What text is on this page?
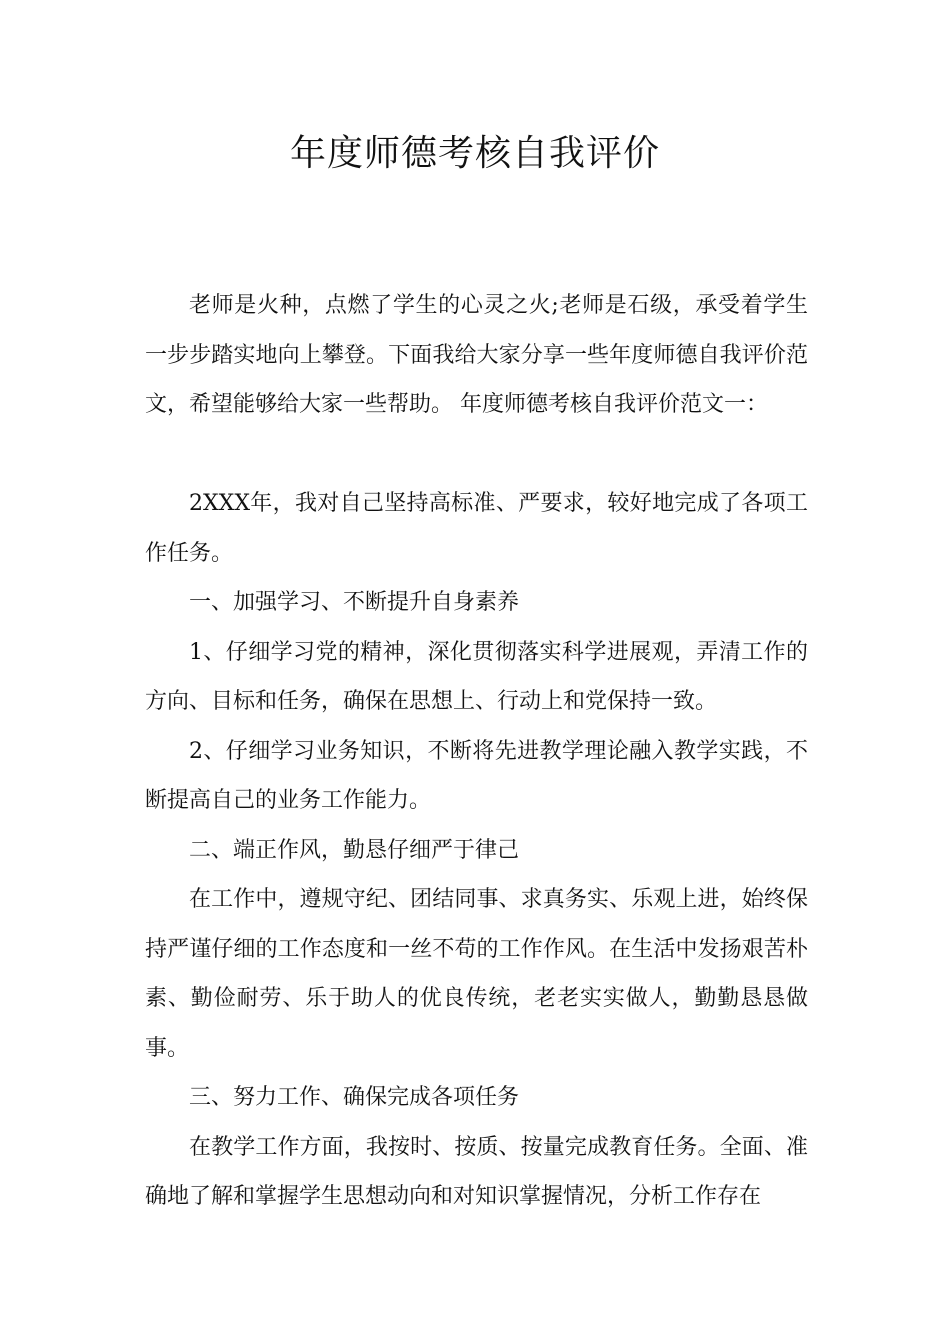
年度师德考核自我评价

老师是火种，点燃了学生的心灵之火;老师是石级，承受着学生一步步踏实地向上攀登。下面我给大家分享一些年度师德自我评价范文，希望能够给大家一些帮助。 年度师德考核自我评价范文一：

2XXX年，我对自己坚持高标准、严要求，较好地完成了各项工作任务。

一、加强学习、不断提升自身素养

1、仔细学习党的精神，深化贯彻落实科学进展观，弄清工作的方向、目标和任务，确保在思想上、行动上和党保持一致。

2、仔细学习业务知识，不断将先进教学理论融入教学实践，不断提高自己的业务工作能力。

二、端正作风，勤恳仔细严于律己

在工作中，遵规守纪、团结同事、求真务实、乐观上进，始终保持严谨仔细的工作态度和一丝不苟的工作作风。在生活中发扬艰苦朴素、勤俭耐劳、乐于助人的优良传统，老老实实做人，勤勤恳恳做事。

三、努力工作、确保完成各项任务

在教学工作方面，我按时、按质、按量完成教育任务。全面、准确地了解和掌握学生思想动向和对知识掌握情况，分析工作存在
